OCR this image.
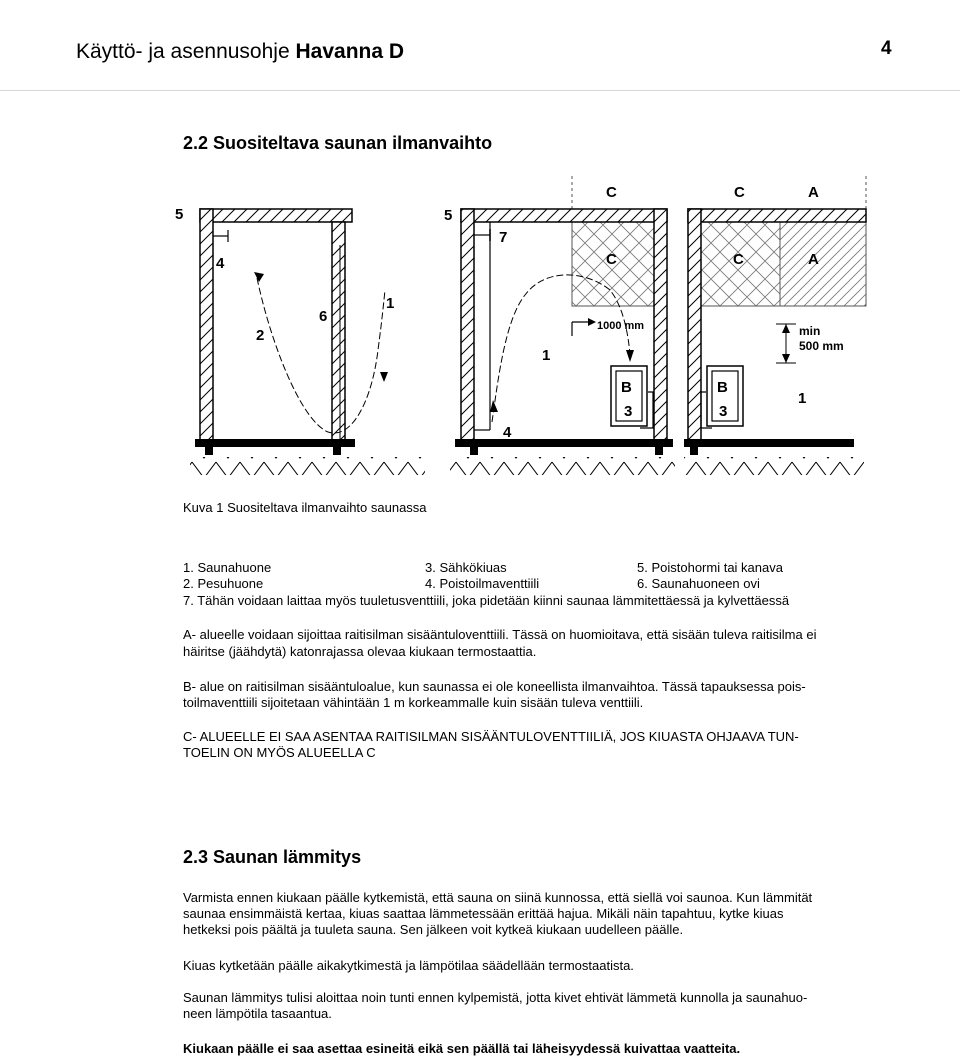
Käyttö- ja asennusohje Havanna D	4
2.2 Suositeltava saunan ilmanvaihto
5
4
2
6
1
5
7
1
4
1000 mm
C
C
B
3
C	A
C	A
min
500 mm
B
3
1
Kuva 1 Suositeltava ilmanvaihto saunassa
1. Saunahuone
2. Pesuhuone
3. Sähkökiuas
4. Poistoilmaventtiili
5. Poistohormi tai kanava
6. Saunahuoneen ovi
7. Tähän voidaan laittaa myös tuuletusventtiili, joka pidetään kiinni saunaa lämmitettäessä ja kylvettäessä
A- alueelle voidaan sijoittaa raitisilman sisääntuloventtiili. Tässä on huomioitava, että sisään tuleva raitisilma ei
häiritse (jäähdytä) katonrajassa olevaa kiukaan termostaattia.
B- alue on raitisilman sisääntuloalue, kun saunassa ei ole koneellista ilmanvaihtoa. Tässä tapauksessa pois-
toilmaventtiili sijoitetaan vähintään 1 m korkeammalle kuin sisään tuleva venttiili.
C- ALUEELLE EI SAA ASENTAA RAITISILMAN SISÄÄNTULOVENTTIILIÄ, JOS KIUASTA OHJAAVA TUN-
TOELIN ON MYÖS ALUEELLA C
2.3 Saunan lämmitys
Varmista ennen kiukaan päälle kytkemistä, että sauna on siinä kunnossa, että siellä voi saunoa. Kun lämmität
saunaa ensimmäistä kertaa, kiuas saattaa lämmetessään erittää hajua. Mikäli näin tapahtuu, kytke kiuas
hetkeksi pois päältä ja tuuleta sauna. Sen jälkeen voit kytkeä kiukaan uudelleen päälle.
Kiuas kytketään päälle aikakytkimestä ja lämpötilaa säädellään termostaatista.
Saunan lämmitys tulisi aloittaa noin tunti ennen kylpemistä, jotta kivet ehtivät lämmetä kunnolla ja saunahuo-
neen lämpötila tasaantua.
Kiukaan päälle ei saa asettaa esineitä eikä sen päällä tai läheisyydessä kuivattaa vaatteita.
